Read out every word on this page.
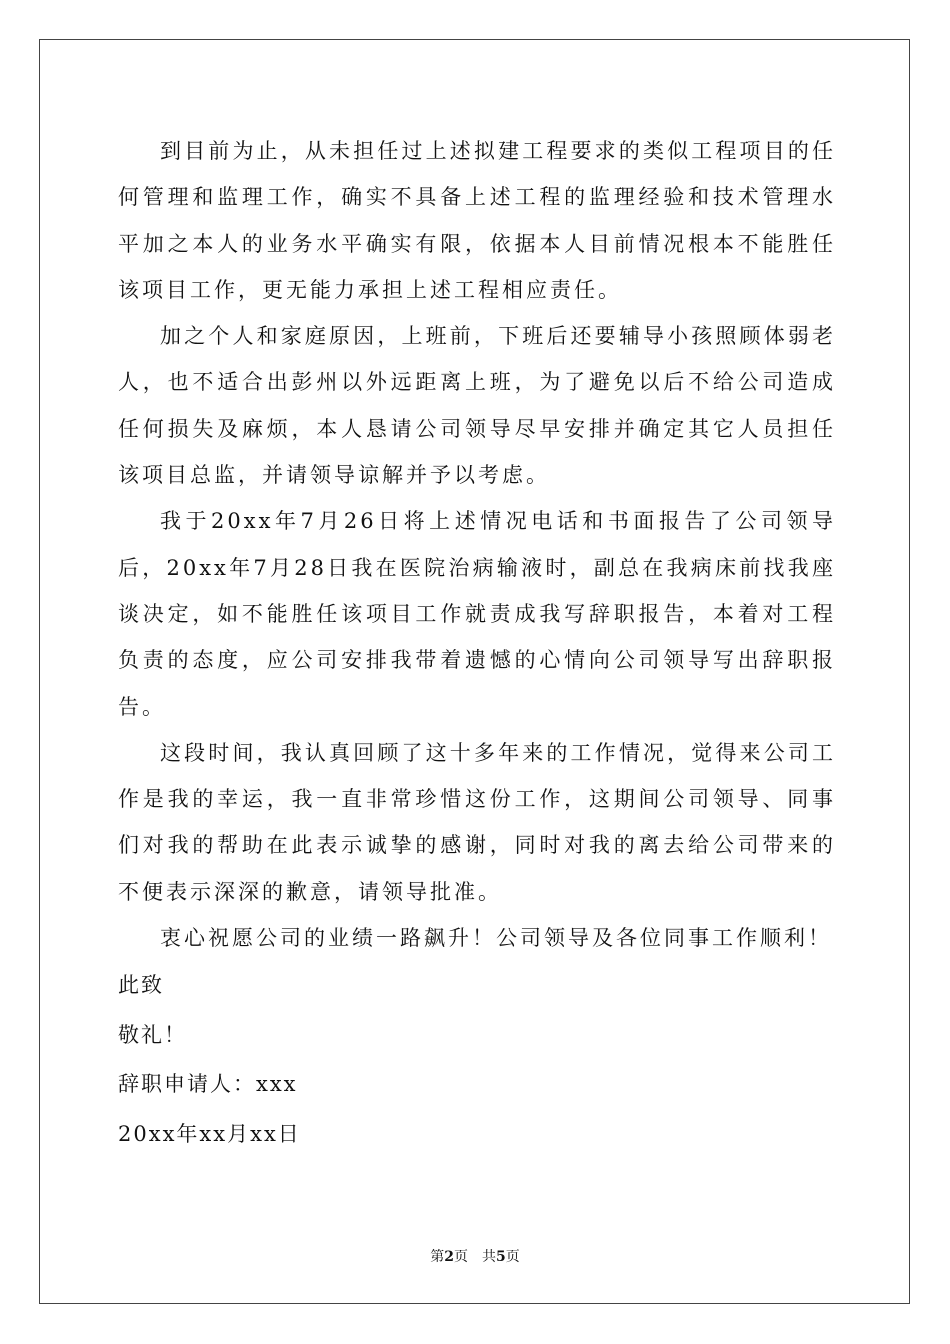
到目前为止，从未担任过上述拟建工程要求的类似工程项目的任何管理和监理工作，确实不具备上述工程的监理经验和技术管理水平加之本人的业务水平确实有限，依据本人目前情况根本不能胜任该项目工作，更无能力承担上述工程相应责任。

加之个人和家庭原因，上班前，下班后还要辅导小孩照顾体弱老人，也不适合出彭州以外远距离上班，为了避免以后不给公司造成任何损失及麻烦，本人恳请公司领导尽早安排并确定其它人员担任该项目总监，并请领导谅解并予以考虑。

我于20xx年7月26日将上述情况电话和书面报告了公司领导后，20xx年7月28日我在医院治病输液时，副总在我病床前找我座谈决定，如不能胜任该项目工作就责成我写辞职报告，本着对工程负责的态度，应公司安排我带着遗憾的心情向公司领导写出辞职报告。

这段时间，我认真回顾了这十多年来的工作情况，觉得来公司工作是我的幸运，我一直非常珍惜这份工作，这期间公司领导、同事们对我的帮助在此表示诚挚的感谢，同时对我的离去给公司带来的不便表示深深的歉意，请领导批准。

衷心祝愿公司的业绩一路飙升！公司领导及各位同事工作顺利！

此致

敬礼！

辞职申请人：xxx

20xx年xx月xx日

第2页　共5页
